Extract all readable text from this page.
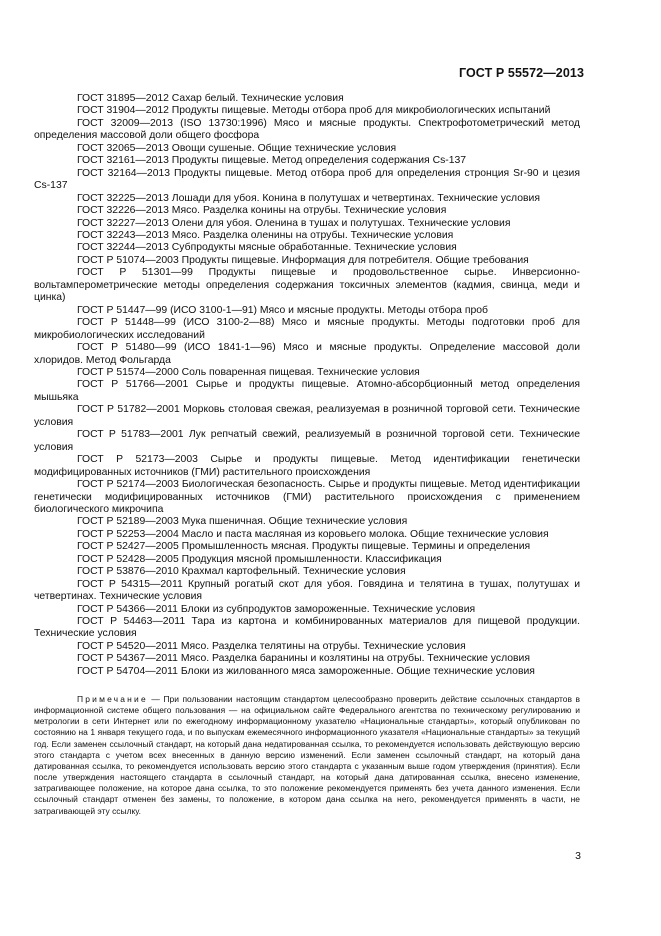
ГОСТ Р 55572—2013

ГОСТ 31895—2012 Сахар белый. Технические условия

ГОСТ 31904—2012 Продукты пищевые. Методы отбора проб для микробиологических испытаний

ГОСТ 32009—2013 (ISO 13730:1996) Мясо и мясные продукты. Спектрофотометрический метод определения массовой доли общего фосфора

ГОСТ 32065—2013 Овощи сушеные. Общие технические условия

ГОСТ 32161—2013 Продукты пищевые. Метод определения содержания Cs-137

ГОСТ 32164—2013 Продукты пищевые. Метод отбора проб для определения стронция Sr-90 и цезия Cs-137

ГОСТ 32225—2013 Лошади для убоя. Конина в полутушах и четвертинах. Технические условия

ГОСТ 32226—2013 Мясо. Разделка конины на отрубы. Технические условия

ГОСТ 32227—2013 Олени для убоя. Оленина в тушах и полутушах. Технические условия

ГОСТ 32243—2013 Мясо. Разделка оленины на отрубы. Технические условия

ГОСТ 32244—2013 Субпродукты мясные обработанные. Технические условия

ГОСТ Р 51074—2003 Продукты пищевые. Информация для потребителя. Общие требования

ГОСТ Р 51301—99 Продукты пищевые и продовольственное сырье. Инверсионно-вольтамперометрические методы определения содержания токсичных элементов (кадмия, свинца, меди и цинка)

ГОСТ Р 51447—99 (ИСО 3100-1—91) Мясо и мясные продукты. Методы отбора проб

ГОСТ Р 51448—99 (ИСО 3100-2—88) Мясо и мясные продукты. Методы подготовки проб для микробиологических исследований

ГОСТ Р 51480—99 (ИСО 1841-1—96) Мясо и мясные продукты. Определение массовой доли хлоридов. Метод Фольгарда

ГОСТ Р 51574—2000 Соль поваренная пищевая. Технические условия

ГОСТ Р 51766—2001 Сырье и продукты пищевые. Атомно-абсорбционный метод определения мышьяка

ГОСТ Р 51782—2001 Морковь столовая свежая, реализуемая в розничной торговой сети. Технические условия

ГОСТ Р 51783—2001 Лук репчатый свежий, реализуемый в розничной торговой сети. Технические условия

ГОСТ Р 52173—2003 Сырье и продукты пищевые. Метод идентификации генетически модифицированных источников (ГМИ) растительного происхождения

ГОСТ Р 52174—2003 Биологическая безопасность. Сырье и продукты пищевые. Метод идентификации генетически модифицированных источников (ГМИ) растительного происхождения с применением биологического микрочипа

ГОСТ Р 52189—2003 Мука пшеничная. Общие технические условия

ГОСТ Р 52253—2004 Масло и паста масляная из коровьего молока. Общие технические условия

ГОСТ Р 52427—2005 Промышленность мясная. Продукты пищевые. Термины и определения

ГОСТ Р 52428—2005 Продукция мясной промышленности. Классификация

ГОСТ Р 53876—2010 Крахмал картофельный. Технические условия

ГОСТ Р 54315—2011 Крупный рогатый скот для убоя. Говядина и телятина в тушах, полутушах и четвертинах. Технические условия

ГОСТ Р 54366—2011 Блоки из субпродуктов замороженные. Технические условия

ГОСТ Р 54463—2011 Тара из картона и комбинированных материалов для пищевой продукции. Технические условия

ГОСТ Р 54520—2011 Мясо. Разделка телятины на отрубы. Технические условия

ГОСТ Р 54367—2011 Мясо. Разделка баранины и козлятины на отрубы. Технические условия

ГОСТ Р 54704—2011 Блоки из жилованного мяса замороженные. Общие технические условия

Примечание — При пользовании настоящим стандартом целесообразно проверить действие ссылочных стандартов в информационной системе общего пользования — на официальном сайте Федерального агентства по техническому регулированию и метрологии в сети Интернет или по ежегодному информационному указателю «Национальные стандарты», который опубликован по состоянию на 1 января текущего года, и по выпускам ежемесячного информационного указателя «Национальные стандарты» за текущий год. Если заменен ссылочный стандарт, на который дана недатированная ссылка, то рекомендуется использовать действующую версию этого стандарта с учетом всех внесенных в данную версию изменений. Если заменен ссылочный стандарт, на который дана датированная ссылка, то рекомендуется использовать версию этого стандарта с указанным выше годом утверждения (принятия). Если после утверждения настоящего стандарта в ссылочный стандарт, на который дана датированная ссылка, внесено изменение, затрагивающее положение, на которое дана ссылка, то это положение рекомендуется применять без учета данного изменения. Если ссылочный стандарт отменен без замены, то положение, в котором дана ссылка на него, рекомендуется применять в части, не затрагивающей эту ссылку.

3
